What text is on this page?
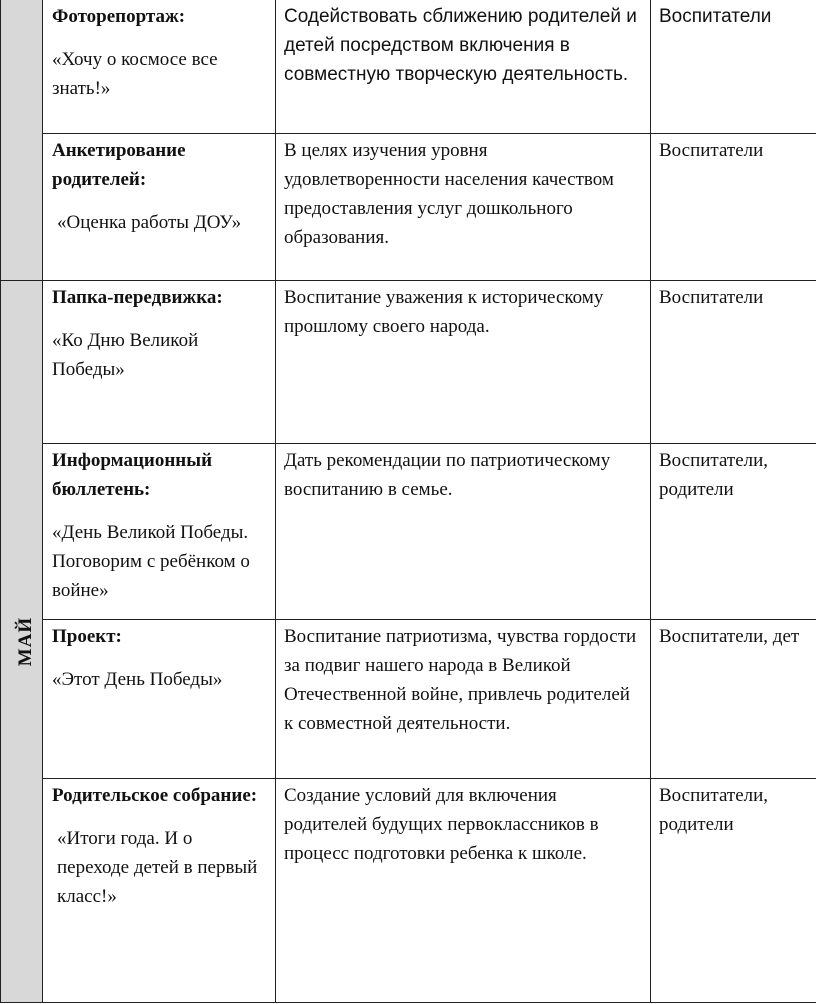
	Фоторепортаж:

«Хочу о космосе все знать!»	Содействовать сближению родителей и детей посредством включения в совместную творческую деятельность.	Воспитатели

	Анкетирование родителей:

«Оценка работы ДОУ»	В целях изучения уровня удовлетворенности населения качеством предоставления услуг дошкольного образования.	Воспитатели
МАЙ	Папка-передвижка:

«Ко Дню Великой Победы»	Воспитание уважения к историческому прошлому своего народа.	Воспитатели

	Информационный бюллетень:

«День Великой Победы. Поговорим с ребёнком о войне»	Дать рекомендации по патриотическому воспитанию в семье.	Воспитатели, родители

	Проект:

«Этот День Победы»	Воспитание патриотизма, чувства гордости за подвиг нашего народа в Великой Отечественной войне, привлечь родителей к совместной деятельности.	Воспитатели, дет

	Родительское собрание:

«Итоги года. И о переходе детей в первый класс!»	Создание условий для включения родителей будущих первоклассников в процесс подготовки ребенка к школе.	Воспитатели, родители
